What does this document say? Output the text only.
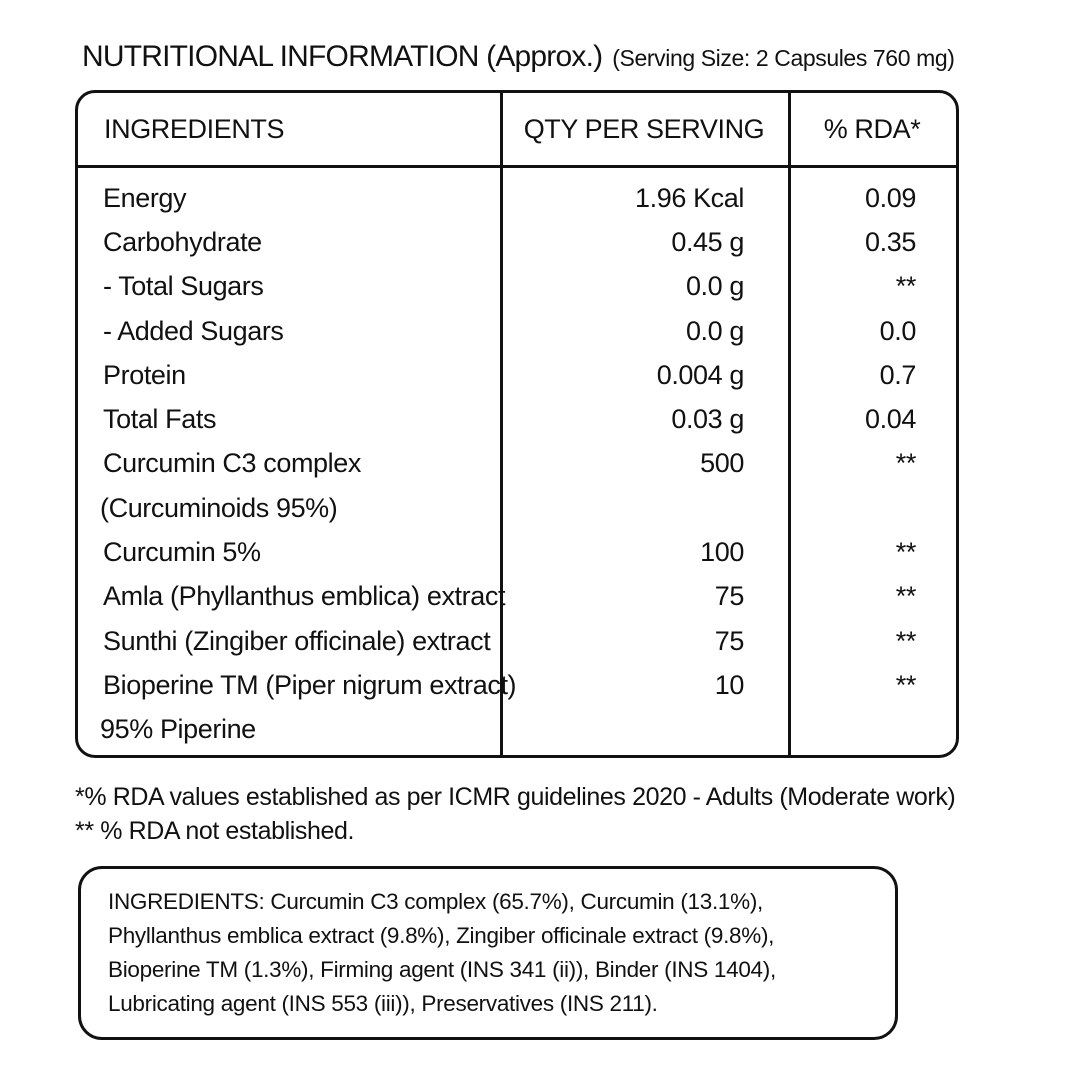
NUTRITIONAL INFORMATION (Approx.) (Serving Size: 2 Capsules 760 mg)
INGREDIENTS	QTY PER SERVING	% RDA*
Energy	1.96 Kcal	0.09
Carbohydrate	0.45 g	0.35
- Total Sugars	0.0 g	**
- Added Sugars	0.0 g	0.0
Protein	0.004 g	0.7
Total Fats	0.03 g	0.04
Curcumin C3 complex	500	**
(Curcuminoids 95%)
Curcumin 5%	100	**
Amla (Phyllanthus emblica) extract	75	**
Sunthi (Zingiber officinale) extract	75	**
Bioperine TM (Piper nigrum extract)	10	**
95% Piperine
*% RDA values established as per ICMR guidelines 2020 - Adults (Moderate work)
** % RDA not established.
INGREDIENTS: Curcumin C3 complex (65.7%), Curcumin (13.1%), Phyllanthus emblica extract (9.8%), Zingiber officinale extract (9.8%), Bioperine TM (1.3%), Firming agent (INS 341 (ii)), Binder (INS 1404), Lubricating agent (INS 553 (iii)), Preservatives (INS 211).
